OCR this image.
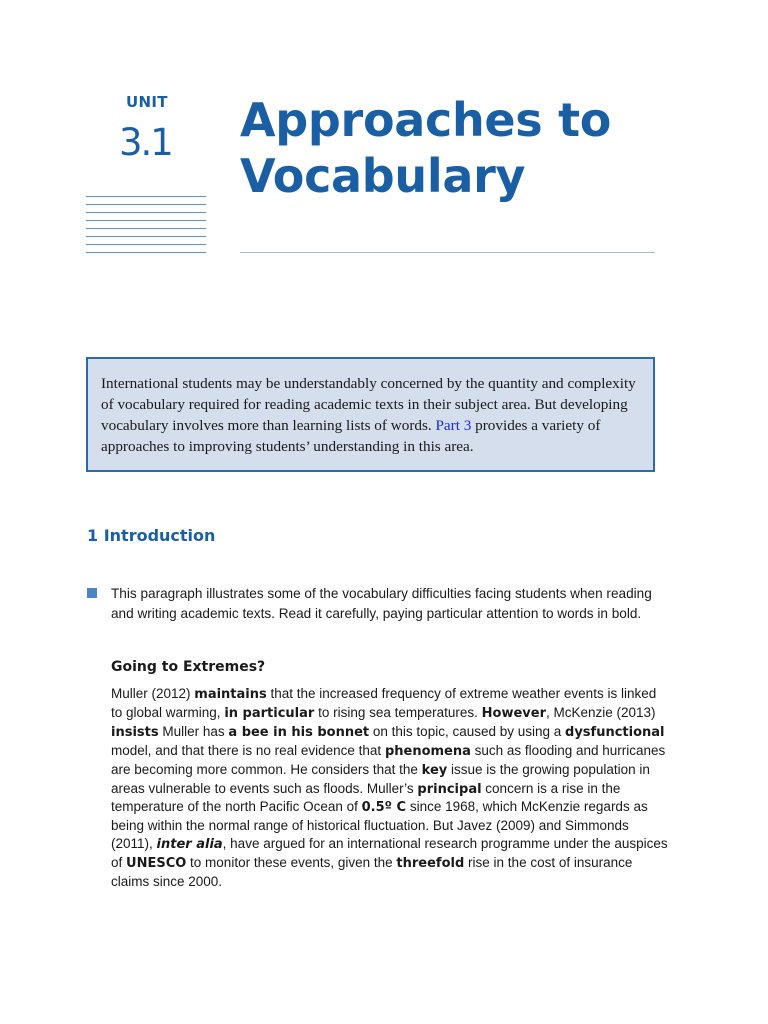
UNIT
3.1 Approaches to
Vocabulary
International students may be understandably concerned by the quantity and complexity of vocabulary required for reading academic texts in their subject area. But developing vocabulary involves more than learning lists of words. Part 3 provides a variety of approaches to improving students’ understanding in this area.
1 Introduction
This paragraph illustrates some of the vocabulary difficulties facing students when reading and writing academic texts. Read it carefully, paying particular attention to words in bold.
Going to Extremes?
Muller (2012) maintains that the increased frequency of extreme weather events is linked to global warming, in particular to rising sea temperatures. However, McKenzie (2013) insists Muller has a bee in his bonnet on this topic, caused by using a dysfunctional model, and that there is no real evidence that phenomena such as flooding and hurricanes are becoming more common. He considers that the key issue is the growing population in areas vulnerable to events such as floods. Muller’s principal concern is a rise in the temperature of the north Pacific Ocean of 0.5º C since 1968, which McKenzie regards as being within the normal range of historical fluctuation. But Javez (2009) and Simmonds (2011), inter alia, have argued for an international research programme under the auspices of UNESCO to monitor these events, given the threefold rise in the cost of insurance claims since 2000.
